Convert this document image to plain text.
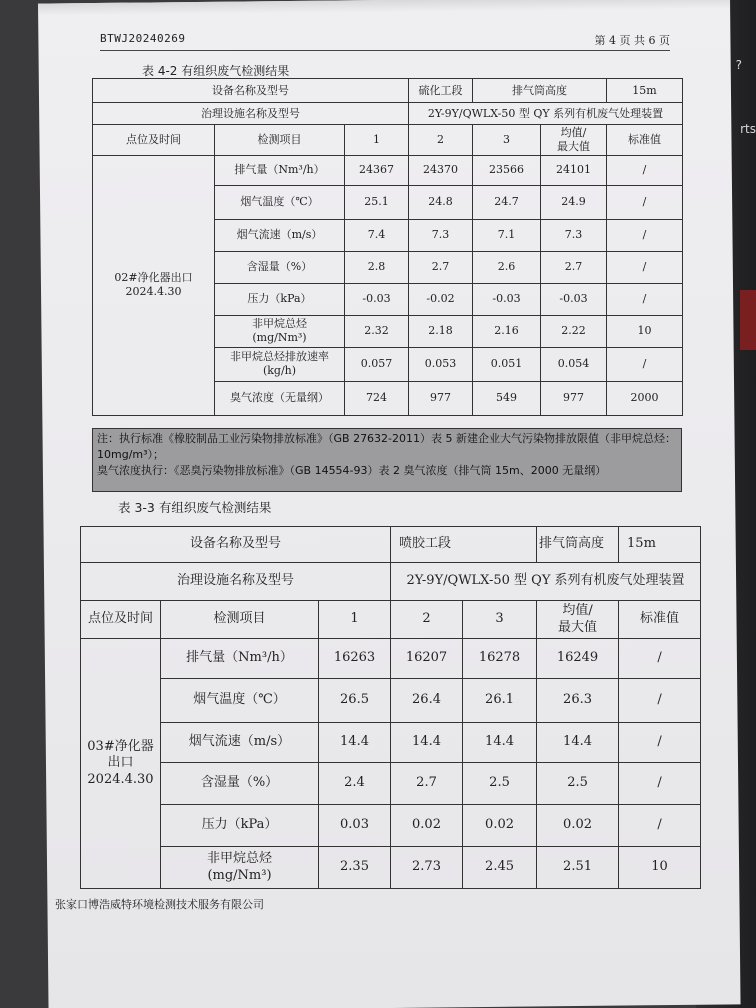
?
rts
BTWJ20240269	第 4 页 共 6 页
表 4-2 有组织废气检测结果
设备名称及型号			硫化工段	排气筒高度		15m
治理设施名称及型号			2Y-9Y/QWLX-50 型 QY 系列有机废气处理装置			
点位及时间	检测项目	1	2	3	均值/
最大值	标准值
02#净化器出口
2024.4.30	排气量（Nm³/h）	24367	24370	23566	24101	/
	烟气温度（℃）	25.1	24.8	24.7	24.9	/
	烟气流速（m/s）	7.4	7.3	7.1	7.3	/
	含湿量（%）	2.8	2.7	2.6	2.7	/
	压力（kPa）	-0.03	-0.02	-0.03	-0.03	/
	非甲烷总烃
(mg/Nm³)	2.32	2.18	2.16	2.22	10
	非甲烷总烃排放速率
(kg/h)	0.057	0.053	0.051	0.054	/
	臭气浓度（无量纲）	724	977	549	977	2000
注：执行标准《橡胶制品工业污染物排放标准》（GB 27632-2011）表 5 新建企业大气污染物排放限值（非甲烷总烃：10mg/m³）；
臭气浓度执行：《恶臭污染物排放标准》（GB 14554-93）表 2 臭气浓度（排气筒 15m、2000 无量纲）
表 3-3 有组织废气检测结果
设备名称及型号			喷胶工段		排气筒高度	15m
治理设施名称及型号			2Y-9Y/QWLX-50 型 QY 系列有机废气处理装置			
点位及时间	检测项目	1	2	3	均值/
最大值	标准值
03#净化器
出口
2024.4.30	排气量（Nm³/h）	16263	16207	16278	16249	/
	烟气温度（℃）	26.5	26.4	26.1	26.3	/
	烟气流速（m/s）	14.4	14.4	14.4	14.4	/
	含湿量（%）	2.4	2.7	2.5	2.5	/
	压力（kPa）	0.03	0.02	0.02	0.02	/
	非甲烷总烃
(mg/Nm³)	2.35	2.73	2.45	2.51	10
张家口博浩威特环境检测技术服务有限公司
